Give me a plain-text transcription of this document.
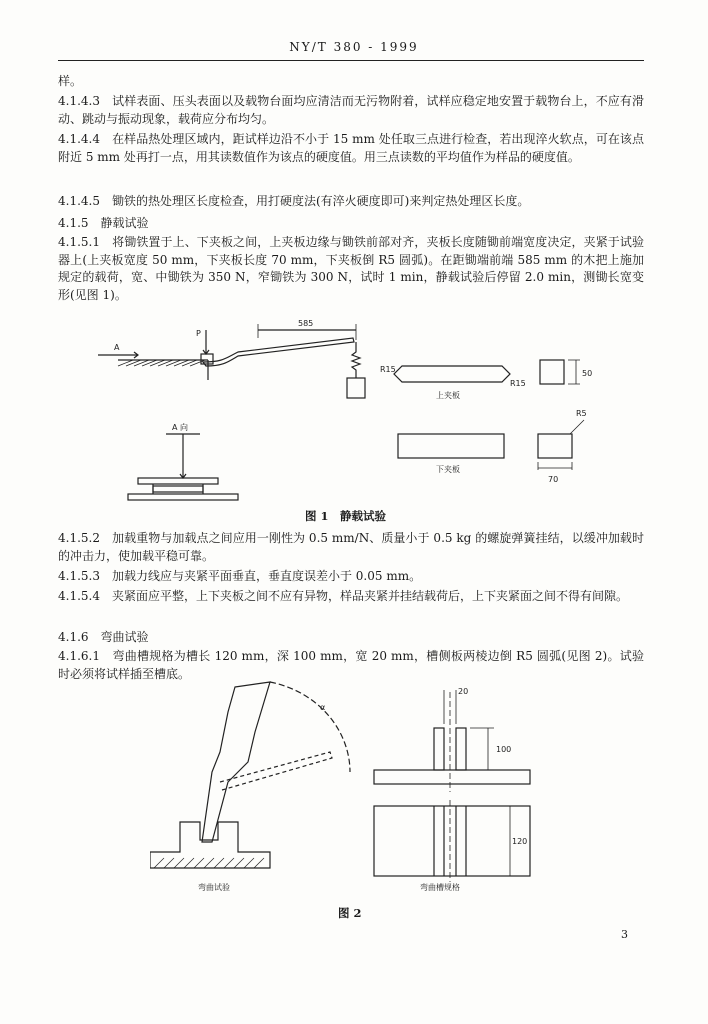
NY/T 380 - 1999

样。

4.1.4.3　试样表面、压头表面以及载物台面均应清洁而无污物附着，试样应稳定地安置于载物台上，不应有滑动、跳动与振动现象，载荷应分布均匀。

4.1.4.4　在样品热处理区域内，距试样边沿不小于 15 mm 处任取三点进行检查，若出现淬火软点，可在该点附近 5 mm 处再打一点，用其读数值作为该点的硬度值。用三点读数的平均值作为样品的硬度值。

4.1.4.5　锄铁的热处理区长度检查，用打硬度法(有淬火硬度即可)来判定热处理区长度。

4.1.5　静载试验

4.1.5.1　将锄铁置于上、下夹板之间，上夹板边缘与锄铁前部对齐，夹板长度随锄前端宽度决定，夹紧于试验器上(上夹板宽度 50 mm，下夹板长度 70 mm，下夹板倒 R5 圆弧)。在距锄端前端 585 mm 的木把上施加规定的载荷，宽、中锄铁为 350 N，窄锄铁为 300 N，试时 1 min，静载试验后停留 2.0 min，测锄长宽变形(见图 1)。

585
A
P
A 向
R15
R15
上夹板
50
下夹板
R5
70

图 1　静载试验

4.1.5.2　加载重物与加载点之间应用一刚性为 0.5 mm/N、质量小于 0.5 kg 的螺旋弹簧挂结，以缓冲加载时的冲击力，使加载平稳可靠。

4.1.5.3　加载力线应与夹紧平面垂直，垂直度误差小于 0.05 mm。

4.1.5.4　夹紧面应平整，上下夹板之间不应有异物，样品夹紧并挂结载荷后，上下夹紧面之间不得有间隙。

4.1.6　弯曲试验

4.1.6.1　弯曲槽规格为槽长 120 mm，深 100 mm，宽 20 mm，槽侧板两棱边倒 R5 圆弧(见图 2)。试验时必须将试样插至槽底。

α
20
100
120
弯曲试验	弯曲槽规格

图 2

3
